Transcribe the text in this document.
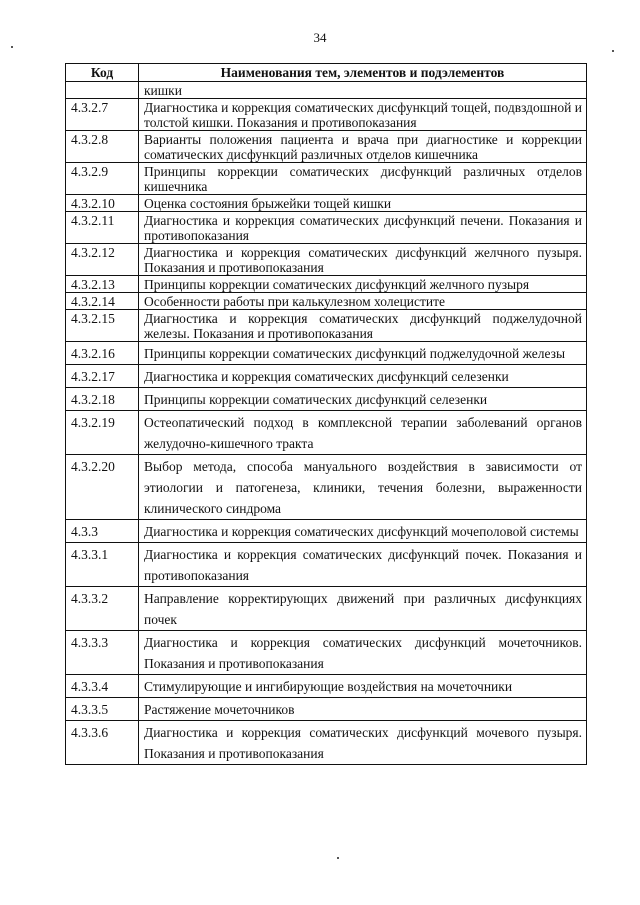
34
Код	Наименования тем, элементов и подэлементов
	кишки
4.3.2.7	Диагностика и коррекция соматических дисфункций тощей, подвздошной и толстой кишки. Показания и противопоказания
4.3.2.8	Варианты положения пациента и врача при диагностике и коррекции соматических дисфункций различных отделов кишечника
4.3.2.9	Принципы коррекции соматических дисфункций различных отделов кишечника
4.3.2.10	Оценка состояния брыжейки тощей кишки
4.3.2.11	Диагностика и коррекция соматических дисфункций печени. Показания и противопоказания
4.3.2.12	Диагностика и коррекция соматических дисфункций желчного пузыря. Показания и противопоказания
4.3.2.13	Принципы коррекции соматических дисфункций желчного пузыря
4.3.2.14	Особенности работы при калькулезном холецистите
4.3.2.15	Диагностика и коррекция соматических дисфункций поджелудочной железы. Показания и противопоказания
4.3.2.16	Принципы коррекции соматических дисфункций поджелудочной железы
4.3.2.17	Диагностика и коррекция соматических дисфункций селезенки
4.3.2.18	Принципы коррекции соматических дисфункций селезенки
4.3.2.19	Остеопатический подход в комплексной терапии заболеваний органов желудочно-кишечного тракта
4.3.2.20	Выбор метода, способа мануального воздействия в зависимости от этиологии и патогенеза, клиники, течения болезни, выраженности клинического синдрома
4.3.3	Диагностика и коррекция соматических дисфункций мочеполовой системы
4.3.3.1	Диагностика и коррекция соматических дисфункций почек. Показания и противопоказания
4.3.3.2	Направление корректирующих движений при различных дисфункциях почек
4.3.3.3	Диагностика и коррекция соматических дисфункций мочеточников. Показания и противопоказания
4.3.3.4	Стимулирующие и ингибирующие воздействия на мочеточники
4.3.3.5	Растяжение мочеточников
4.3.3.6	Диагностика и коррекция соматических дисфункций мочевого пузыря. Показания и противопоказания
